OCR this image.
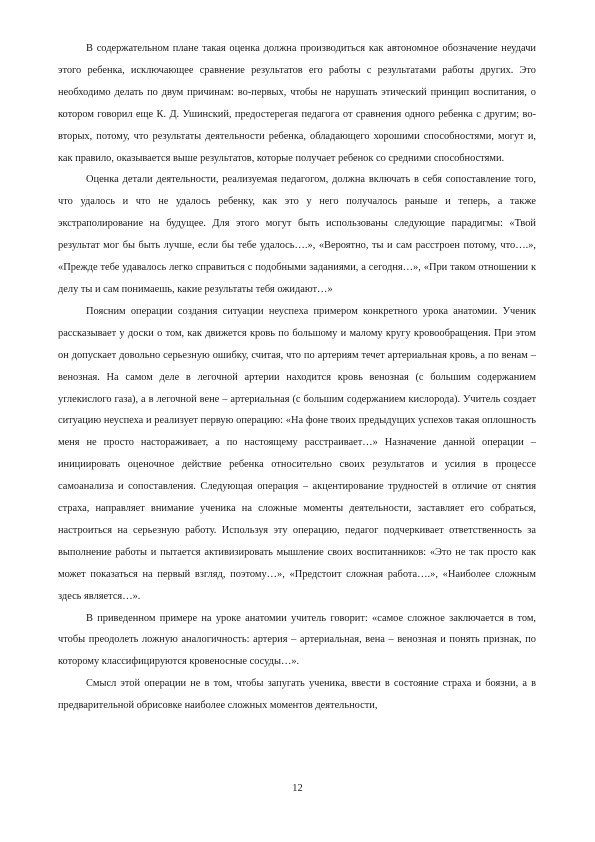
В содержательном плане такая оценка должна производиться как автономное обозначение неудачи этого ребенка, исключающее сравнение результатов его работы с результатами работы других. Это необходимо делать по двум причинам: во-первых, чтобы не нарушать этический принцип воспитания, о котором говорил еще К. Д. Ушинский, предостерегая педагога от сравнения одного ребенка с другим; во-вторых, потому, что результаты деятельности ребенка, обладающего хорошими способностями, могут и, как правило, оказывается выше результатов, которые получает ребенок со средними способностями.

Оценка детали деятельности, реализуемая педагогом, должна включать в себя сопоставление того, что удалось и что не удалось ребенку, как это у него получалось раньше и теперь, а также экстраполирование на будущее. Для этого могут быть использованы следующие парадигмы: «Твой результат мог бы быть лучше, если бы тебе удалось….», «Вероятно, ты и сам расстроен потому, что….», «Прежде тебе удавалось легко справиться с подобными заданиями, а сегодня…», «При таком отношении к делу ты и сам понимаешь, какие результаты тебя ожидают…»

Поясним операции создания ситуации неуспеха примером конкретного урока анатомии. Ученик рассказывает у доски о том, как движется кровь по большому и малому кругу кровообращения. При этом он допускает довольно серьезную ошибку, считая, что по артериям течет артериальная кровь, а по венам – венозная. На самом деле в легочной артерии находится кровь венозная (с большим содержанием углекислого газа), а в легочной вене – артериальная (с большим содержанием кислорода). Учитель создает ситуацию неуспеха и реализует первую операцию: «На фоне твоих предыдущих успехов такая оплошность меня не просто настораживает, а по настоящему расстраивает…» Назначение данной операции – инициировать оценочное действие ребенка относительно своих результатов и усилия в процессе самоанализа и сопоставления. Следующая операция – акцентирование трудностей в отличие от снятия страха, направляет внимание ученика на сложные моменты деятельности, заставляет его собраться, настроиться на серьезную работу. Используя эту операцию, педагог подчеркивает ответственность за выполнение работы и пытается активизировать мышление своих воспитанников: «Это не так просто как может показаться на первый взгляд, поэтому…», «Предстоит сложная работа….», «Наиболее сложным здесь является…».

В приведенном примере на уроке анатомии учитель говорит: «самое сложное заключается в том, чтобы преодолеть ложную аналогичность: артерия – артериальная, вена – венозная и понять признак, по которому классифицируются кровеносные сосуды…».

Смысл этой операции не в том, чтобы запугать ученика, ввести в состояние страха и боязни, а в предварительной обрисовке наиболее сложных моментов деятельности,

12
